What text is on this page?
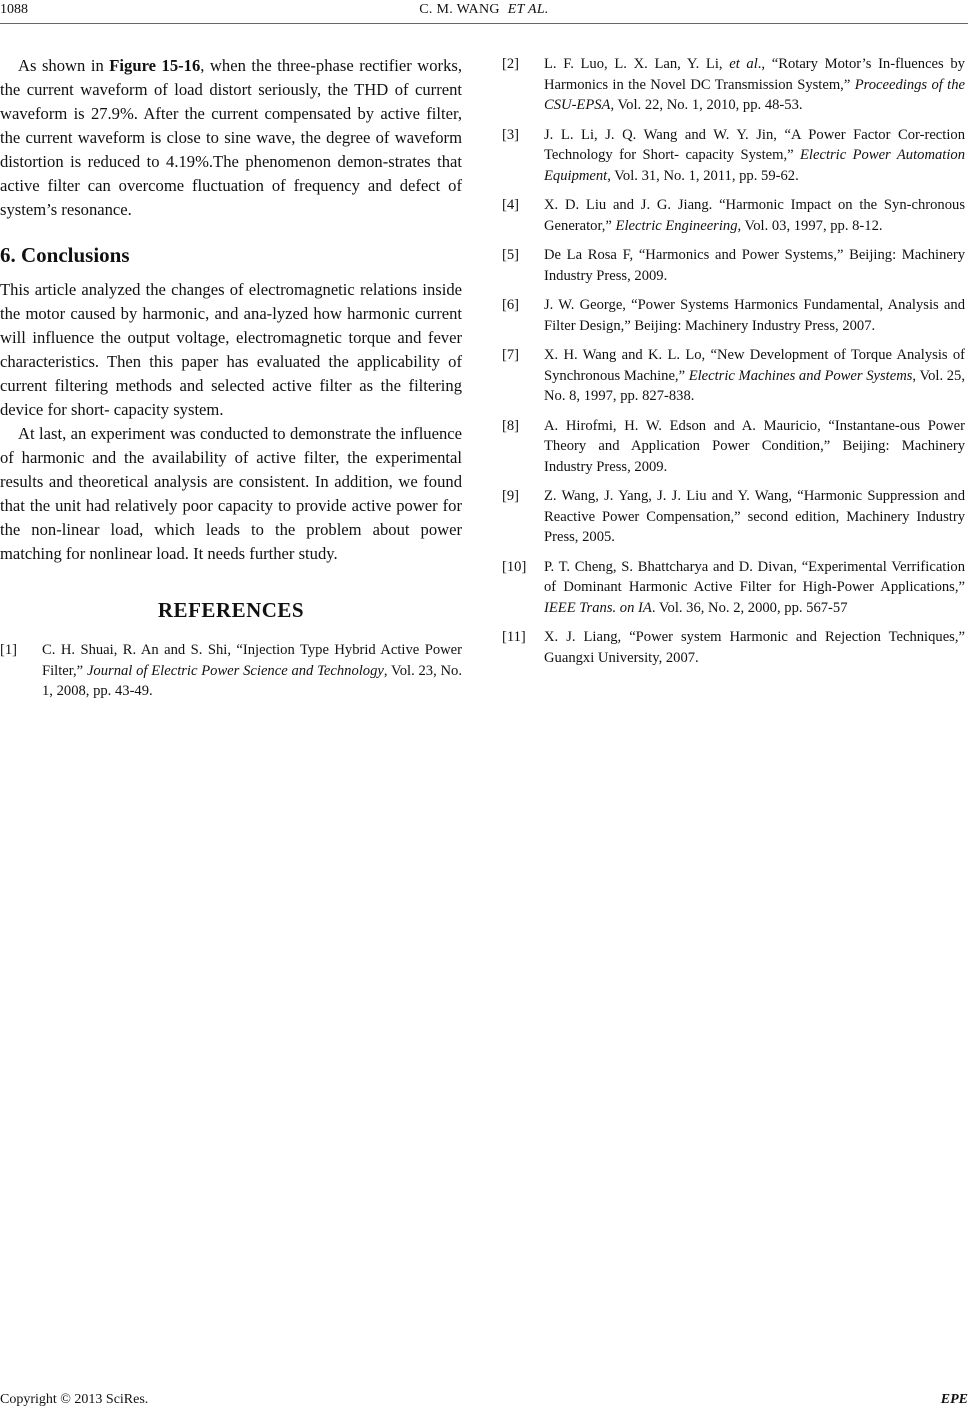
1088	C. M. WANG ET AL.

As shown in Figure 15-16, when the three-phase rectifier works, the current waveform of load distort seriously, the THD of current waveform is 27.9%. After the current compensated by active filter, the current waveform is close to sine wave, the degree of waveform distortion is reduced to 4.19%.The phenomenon demon-strates that active filter can overcome fluctuation of frequency and defect of system’s resonance.

6. Conclusions

This article analyzed the changes of electromagnetic relations inside the motor caused by harmonic, and ana-lyzed how harmonic current will influence the output voltage, electromagnetic torque and fever characteristics. Then this paper has evaluated the applicability of current filtering methods and selected active filter as the filtering device for short- capacity system.

At last, an experiment was conducted to demonstrate the influence of harmonic and the availability of active filter, the experimental results and theoretical analysis are consistent. In addition, we found that the unit had relatively poor capacity to provide active power for the non-linear load, which leads to the problem about power matching for nonlinear load. It needs further study.

REFERENCES
[1]	C. H. Shuai, R. An and S. Shi, “Injection Type Hybrid Active Power Filter,” Journal of Electric Power Science and Technology, Vol. 23, No. 1, 2008, pp. 43-49.
[2]	L. F. Luo, L. X. Lan, Y. Li, et al., “Rotary Motor’s In-fluences by Harmonics in the Novel DC Transmission System,” Proceedings of the CSU-EPSA, Vol. 22, No. 1, 2010, pp. 48-53.
[3]	J. L. Li, J. Q. Wang and W. Y. Jin, “A Power Factor Cor-rection Technology for Short- capacity System,” Electric Power Automation Equipment, Vol. 31, No. 1, 2011, pp. 59-62.
[4]	X. D. Liu and J. G. Jiang. “Harmonic Impact on the Syn-chronous Generator,” Electric Engineering, Vol. 03, 1997, pp. 8-12.
[5]	De La Rosa F, “Harmonics and Power Systems,” Beijing: Machinery Industry Press, 2009.
[6]	J. W. George, “Power Systems Harmonics Fundamental, Analysis and Filter Design,” Beijing: Machinery Industry Press, 2007.
[7]	X. H. Wang and K. L. Lo, “New Development of Torque Analysis of Synchronous Machine,” Electric Machines and Power Systems, Vol. 25, No. 8, 1997, pp. 827-838.
[8]	A. Hirofmi, H. W. Edson and A. Mauricio, “Instantane-ous Power Theory and Application Power Condition,” Beijing: Machinery Industry Press, 2009.
[9]	Z. Wang, J. Yang, J. J. Liu and Y. Wang, “Harmonic Suppression and Reactive Power Compensation,” second edition, Machinery Industry Press, 2005.
[10]	P. T. Cheng, S. Bhattcharya and D. Divan, “Experimental Verrification of Dominant Harmonic Active Filter for High-Power Applications,” IEEE Trans. on IA. Vol. 36, No. 2, 2000, pp. 567-57
[11]	X. J. Liang, “Power system Harmonic and Rejection Techniques,” Guangxi University, 2007.
Copyright © 2013 SciRes.	EPE
